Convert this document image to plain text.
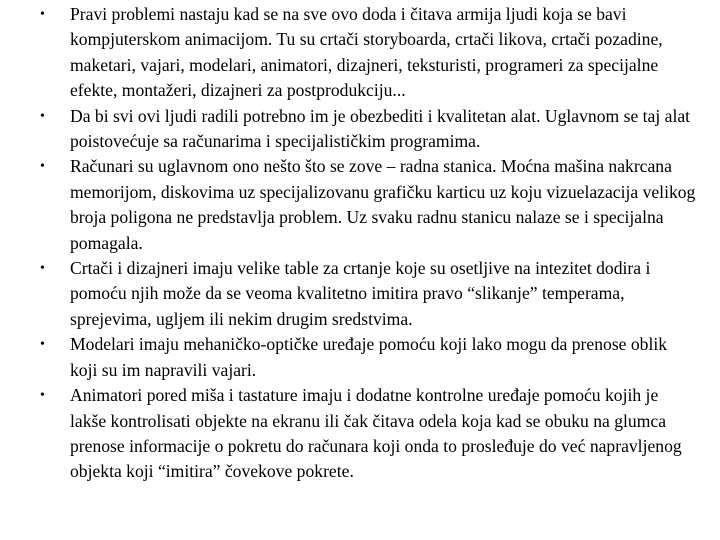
•	Pravi problemi nastaju kad se na sve ovo doda i čitava armija ljudi koja se bavi kompjuterskom animacijom. Tu su crtači storyboarda, crtači likova, crtači pozadine, maketari, vajari, modelari, animatori, dizajneri, teksturisti, programeri za specijalne efekte, montažeri, dizajneri za postprodukciju...
•	Da bi svi ovi ljudi radili potrebno im je obezbediti i kvalitetan alat. Uglavnom se taj alat poistovećuje sa računarima i specijalističkim programima.
•	Računari su uglavnom ono nešto što se zove – radna stanica. Moćna mašina nakrcana memorijom, diskovima uz specijalizovanu grafičku karticu uz koju vizuelazacija velikog broja poligona ne predstavlja problem. Uz svaku radnu stanicu nalaze se i specijalna pomagala.
•	Crtači i dizajneri imaju velike table za crtanje koje su osetljive na intezitet dodira i pomoću njih može da se veoma kvalitetno imitira pravo “slikanje” temperama, sprejevima, ugljem ili nekim drugim sredstvima.
•	Modelari imaju mehaničko-optičke uređaje pomoću koji lako mogu da prenose oblik koji su im napravili vajari.
•	Animatori pored miša i tastature imaju i dodatne kontrolne uređaje pomoću kojih je lakše kontrolisati objekte na ekranu ili čak čitava odela koja kad se obuku na glumca prenose informacije o pokretu do računara koji onda to prosleđuje do već napravljenog objekta koji “imitira” čovekove pokrete.
